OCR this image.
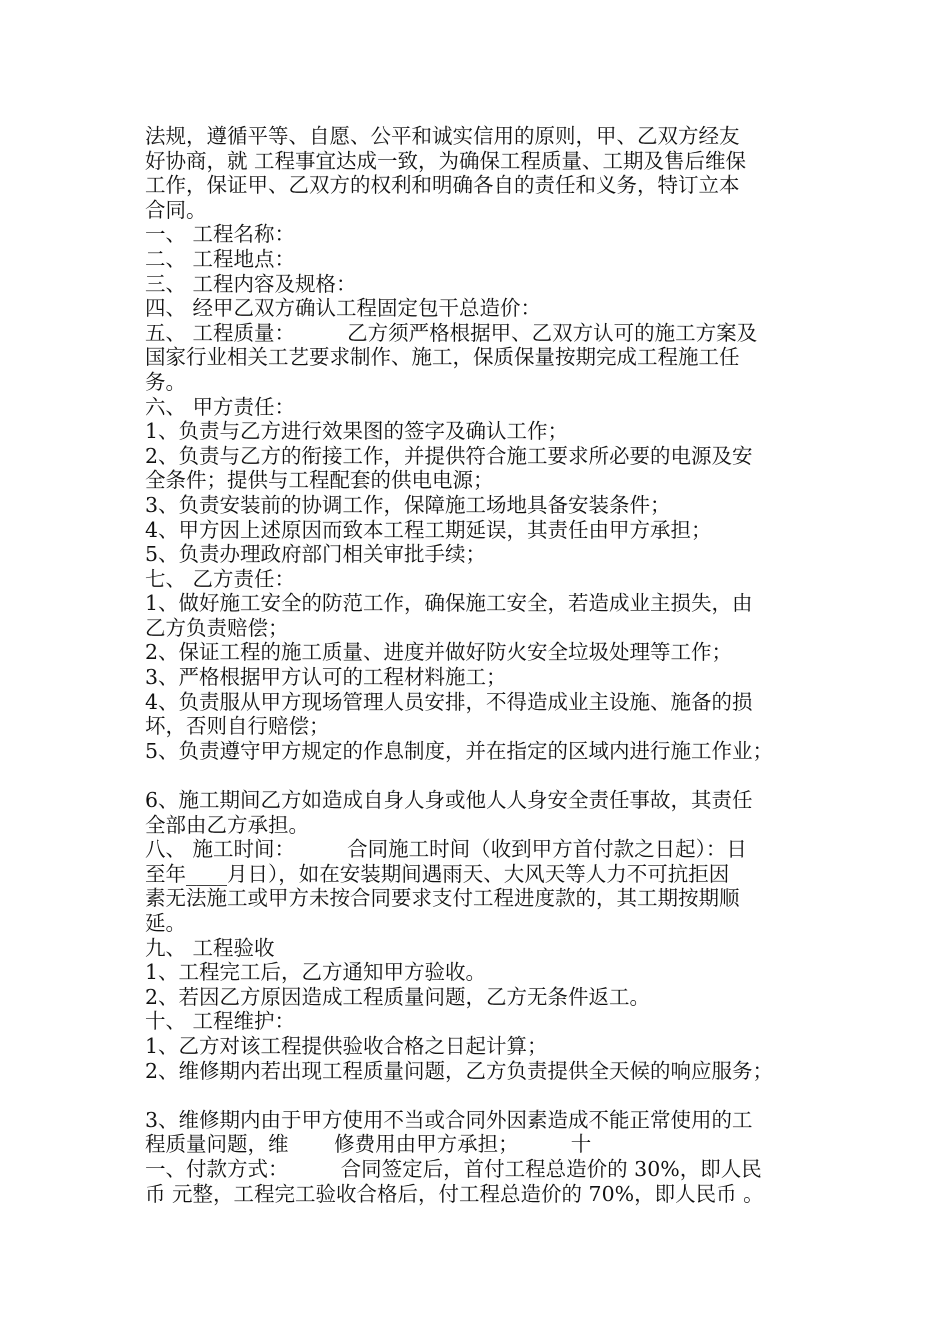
法规，遵循平等、自愿、公平和诚实信用的原则，甲、乙双方经友
好协商，就 工程事宜达成一致，为确保工程质量、工期及售后维保
工作，保证甲、乙双方的权利和明确各自的责任和义务，特订立本
合同。
一、 工程名称：
二、 工程地点：
三、 工程内容及规格：
四、 经甲乙双方确认工程固定包干总造价：
五、 工程质量：        乙方须严格根据甲、乙双方认可的施工方案及
国家行业相关工艺要求制作、施工，保质保量按期完成工程施工任
务。
六、 甲方责任：
1、负责与乙方进行效果图的签字及确认工作；
2、负责与乙方的衔接工作，并提供符合施工要求所必要的电源及安
全条件；提供与工程配套的供电电源；
3、负责安装前的协调工作，保障施工场地具备安装条件；
4、甲方因上述原因而致本工程工期延误，其责任由甲方承担；
5、负责办理政府部门相关审批手续；
七、 乙方责任：
1、做好施工安全的防范工作，确保施工安全，若造成业主损失，由
乙方负责赔偿；
2、保证工程的施工质量、进度并做好防火安全垃圾处理等工作；
3、严格根据甲方认可的工程材料施工；
4、负责服从甲方现场管理人员安排，不得造成业主设施、施备的损
坏，否则自行赔偿；
5、负责遵守甲方规定的作息制度，并在指定的区域内进行施工作业；
6、施工期间乙方如造成自身人身或他人人身安全责任事故，其责任
全部由乙方承担。
八、 施工时间：        合同施工时间（收到甲方首付款之日起）：日
至年____月日），如在安装期间遇雨天、大风天等人力不可抗拒因
素无法施工或甲方未按合同要求支付工程进度款的，其工期按期顺
延。
九、 工程验收
1、工程完工后，乙方通知甲方验收。
2、若因乙方原因造成工程质量问题，乙方无条件返工。
十、 工程维护：
1、乙方对该工程提供验收合格之日起计算；
2、维修期内若出现工程质量问题，乙方负责提供全天候的响应服务；
3、维修期内由于甲方使用不当或合同外因素造成不能正常使用的工
程质量问题，维       修费用由甲方承担；        十
一、付款方式：        合同签定后，首付工程总造价的 30%，即人民
币 元整，工程完工验收合格后，付工程总造价的 70%，即人民币 。
